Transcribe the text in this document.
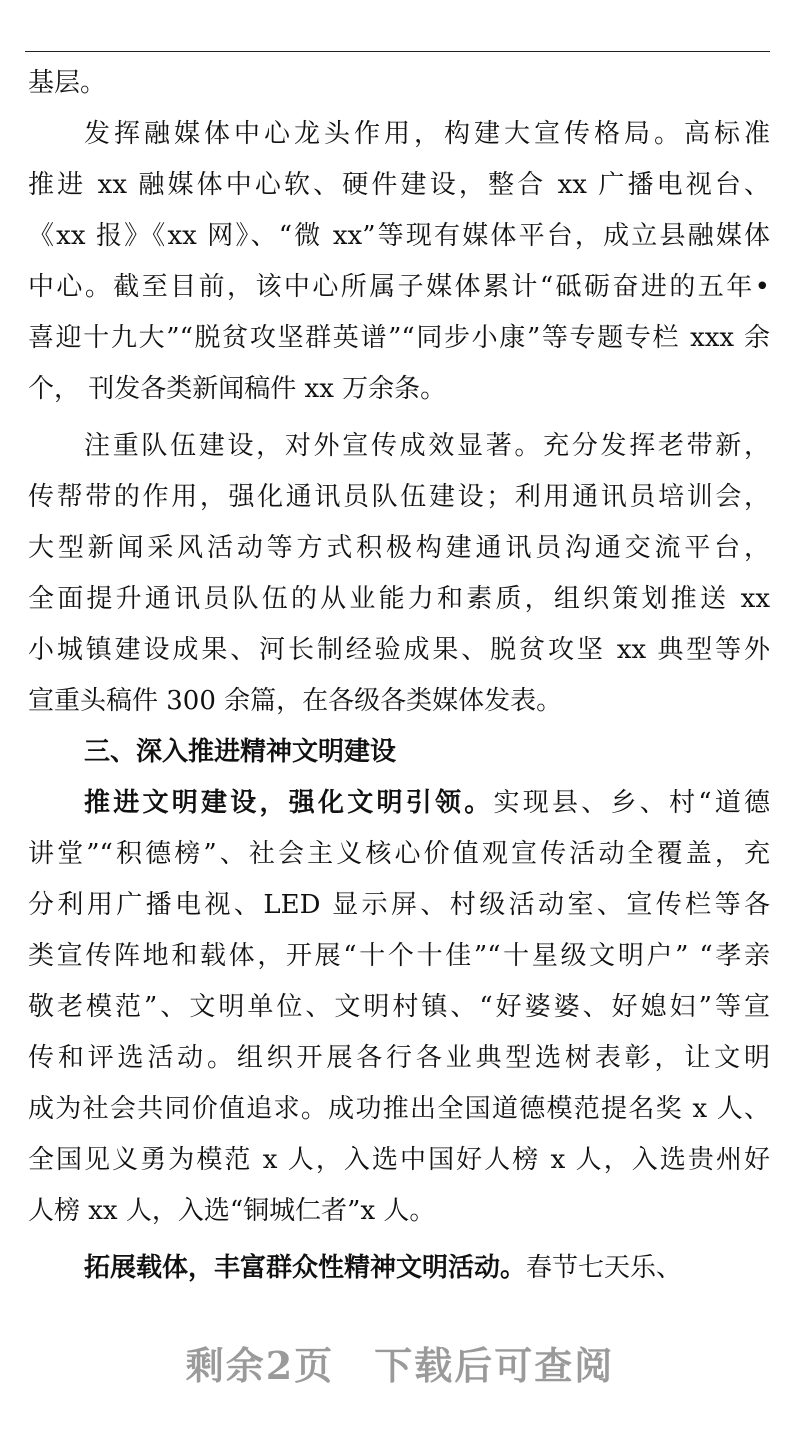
基层。
发挥融媒体中心龙头作用，构建大宣传格局。高标准
推进 xx 融媒体中心软、硬件建设，整合 xx 广播电视台、
《xx 报》《xx 网》、“微 xx”等现有媒体平台，成立县融媒体
中心。截至目前，该中心所属子媒体累计“砥砺奋进的五年•
喜迎十九大”“脱贫攻坚群英谱”“同步小康”等专题专栏 xxx 余
个， 刊发各类新闻稿件 xx 万余条。
注重队伍建设，对外宣传成效显著。充分发挥老带新，
传帮带的作用，强化通讯员队伍建设；利用通讯员培训会，
大型新闻采风活动等方式积极构建通讯员沟通交流平台，
全面提升通讯员队伍的从业能力和素质，组织策划推送 xx
小城镇建设成果、河长制经验成果、脱贫攻坚 xx 典型等外
宣重头稿件 300 余篇，在各级各类媒体发表。
三、深入推进精神文明建设
推进文明建设，强化文明引领。实现县、乡、村“道德
讲堂”“积德榜”、社会主义核心价值观宣传活动全覆盖，充
分利用广播电视、LED 显示屏、村级活动室、宣传栏等各
类宣传阵地和载体，开展“十个十佳”“十星级文明户” “孝亲
敬老模范”、文明单位、文明村镇、“好婆婆、好媳妇”等宣
传和评选活动。组织开展各行各业典型选树表彰，让文明
成为社会共同价值追求。成功推出全国道德模范提名奖 x 人、
全国见义勇为模范 x 人，入选中国好人榜 x 人，入选贵州好
人榜 xx 人，入选“铜城仁者”x 人。
拓展载体，丰富群众性精神文明活动。春节七天乐、
剩余2页 下载后可查阅
